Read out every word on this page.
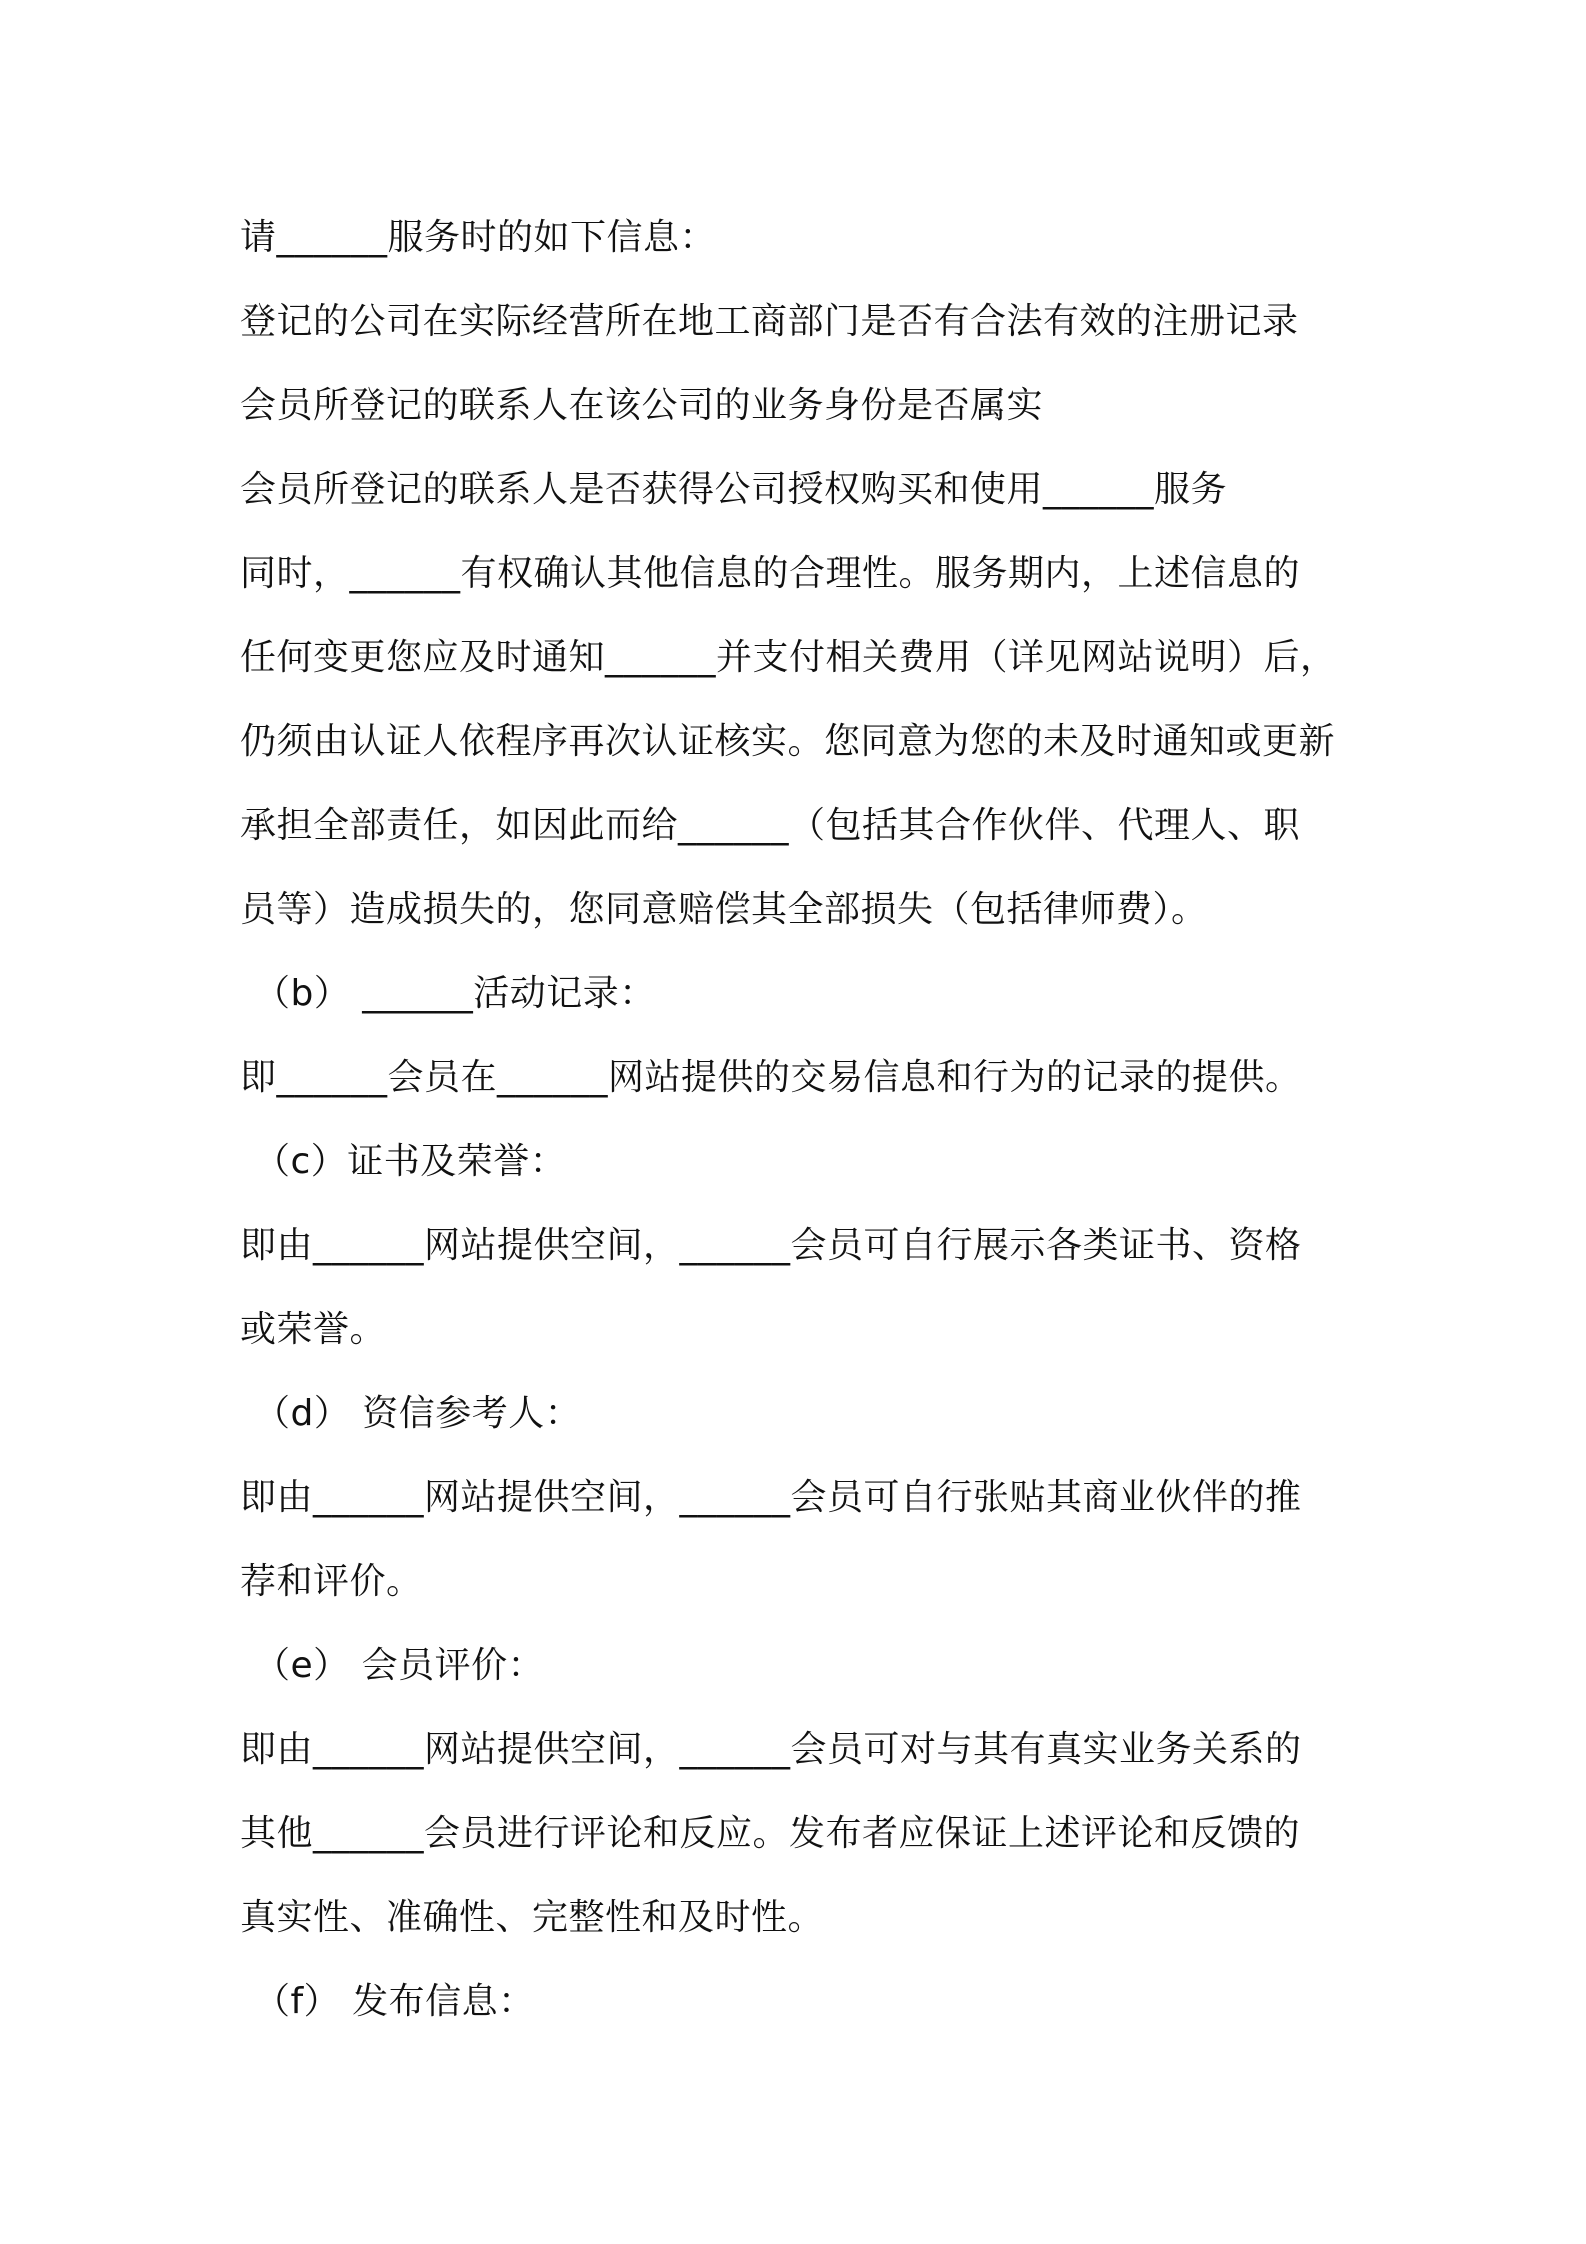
请______服务时的如下信息：
登记的公司在实际经营所在地工商部门是否有合法有效的注册记录
会员所登记的联系人在该公司的业务身份是否属实
会员所登记的联系人是否获得公司授权购买和使用______服务
同时，______有权确认其他信息的合理性。服务期内，上述信息的
任何变更您应及时通知______并支付相关费用（详见网站说明）后，
仍须由认证人依程序再次认证核实。您同意为您的未及时通知或更新
承担全部责任，如因此而给______（包括其合作伙伴、代理人、职
员等）造成损失的，您同意赔偿其全部损失（包括律师费）。
（b） ______活动记录：
即______会员在______网站提供的交易信息和行为的记录的提供。
（c）证书及荣誉：
即由______网站提供空间，______会员可自行展示各类证书、资格
或荣誉。
（d） 资信参考人：
即由______网站提供空间，______会员可自行张贴其商业伙伴的推
荐和评价。
（e） 会员评价：
即由______网站提供空间，______会员可对与其有真实业务关系的
其他______会员进行评论和反应。发布者应保证上述评论和反馈的
真实性、准确性、完整性和及时性。
（f） 发布信息：
